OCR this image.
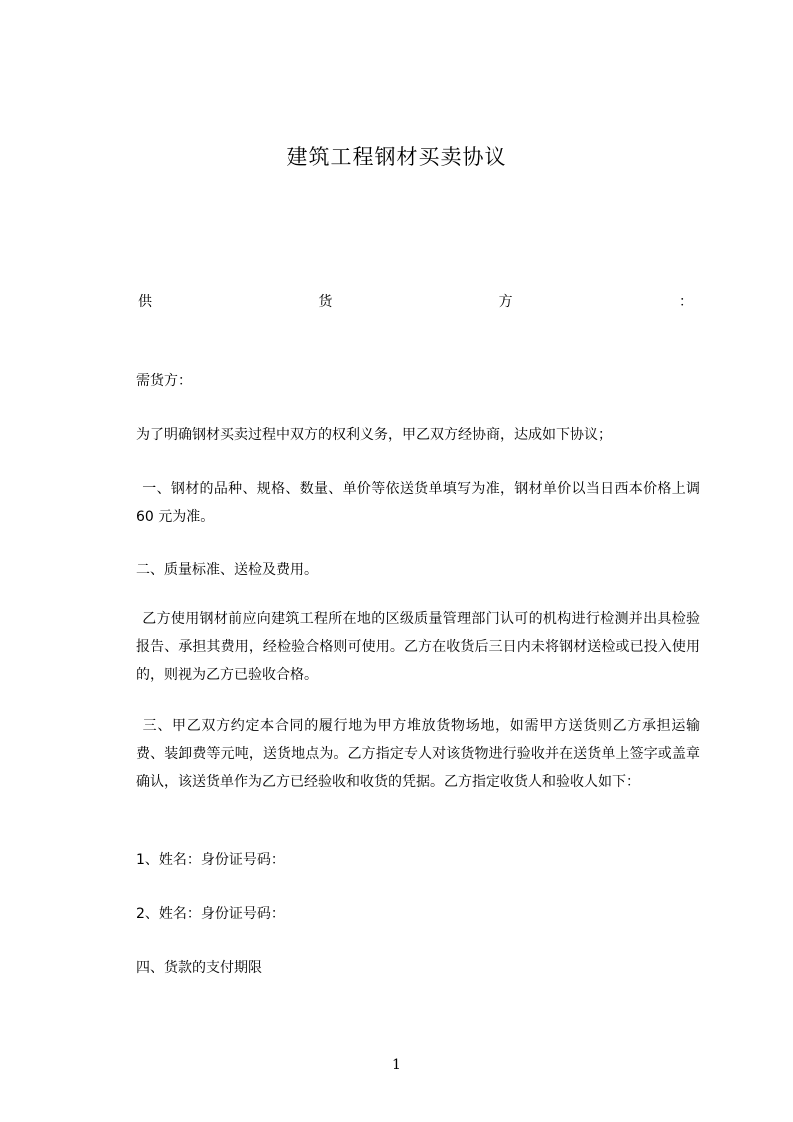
建筑工程钢材买卖协议
供	货	方	：

需货方：

为了明确钢材买卖过程中双方的权利义务，甲乙双方经协商，达成如下协议；

一、钢材的品种、规格、数量、单价等依送货单填写为准，钢材单价以当日西本价格上调 60 元为准。

二、质量标准、送检及费用。

乙方使用钢材前应向建筑工程所在地的区级质量管理部门认可的机构进行检测并出具检验报告、承担其费用，经检验合格则可使用。乙方在收货后三日内未将钢材送检或已投入使用的，则视为乙方已验收合格。

三、甲乙双方约定本合同的履行地为甲方堆放货物场地，如需甲方送货则乙方承担运输费、装卸费等元吨，送货地点为。乙方指定专人对该货物进行验收并在送货单上签字或盖章确认，该送货单作为乙方已经验收和收货的凭据。乙方指定收货人和验收人如下：

1、姓名：身份证号码：

2、姓名：身份证号码：

四、货款的支付期限

1
